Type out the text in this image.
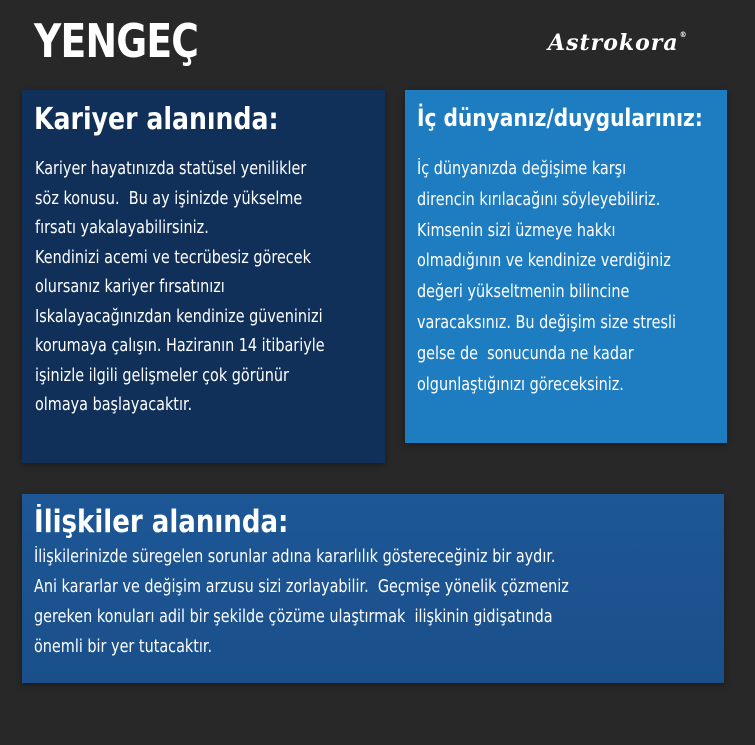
YENGEÇ	Astrokora®
Kariyer alanında:
Kariyer hayatınızda statüsel yenilikler
söz konusu.  Bu ay işinizde yükselme
fırsatı yakalayabilirsiniz.
Kendinizi acemi ve tecrübesiz görecek
olursanız kariyer fırsatınızı
Iskalayacağınızdan kendinize güveninizi
korumaya çalışın. Haziranın 14 itibariyle
işinizle ilgili gelişmeler çok görünür
olmaya başlayacaktır.
İç dünyanız/duygularınız:
İç dünyanızda değişime karşı
direncin kırılacağını söyleyebiliriz.
Kimsenin sizi üzmeye hakkı
olmadığının ve kendinize verdiğiniz
değeri yükseltmenin bilincine
varacaksınız. Bu değişim size stresli
gelse de  sonucunda ne kadar
olgunlaştığınızı göreceksiniz.
İlişkiler alanında:
İlişkilerinizde süregelen sorunlar adına kararlılık göstereceğiniz bir aydır.
Ani kararlar ve değişim arzusu sizi zorlayabilir.  Geçmişe yönelik çözmeniz
gereken konuları adil bir şekilde çözüme ulaştırmak  ilişkinin gidişatında
önemli bir yer tutacaktır.
